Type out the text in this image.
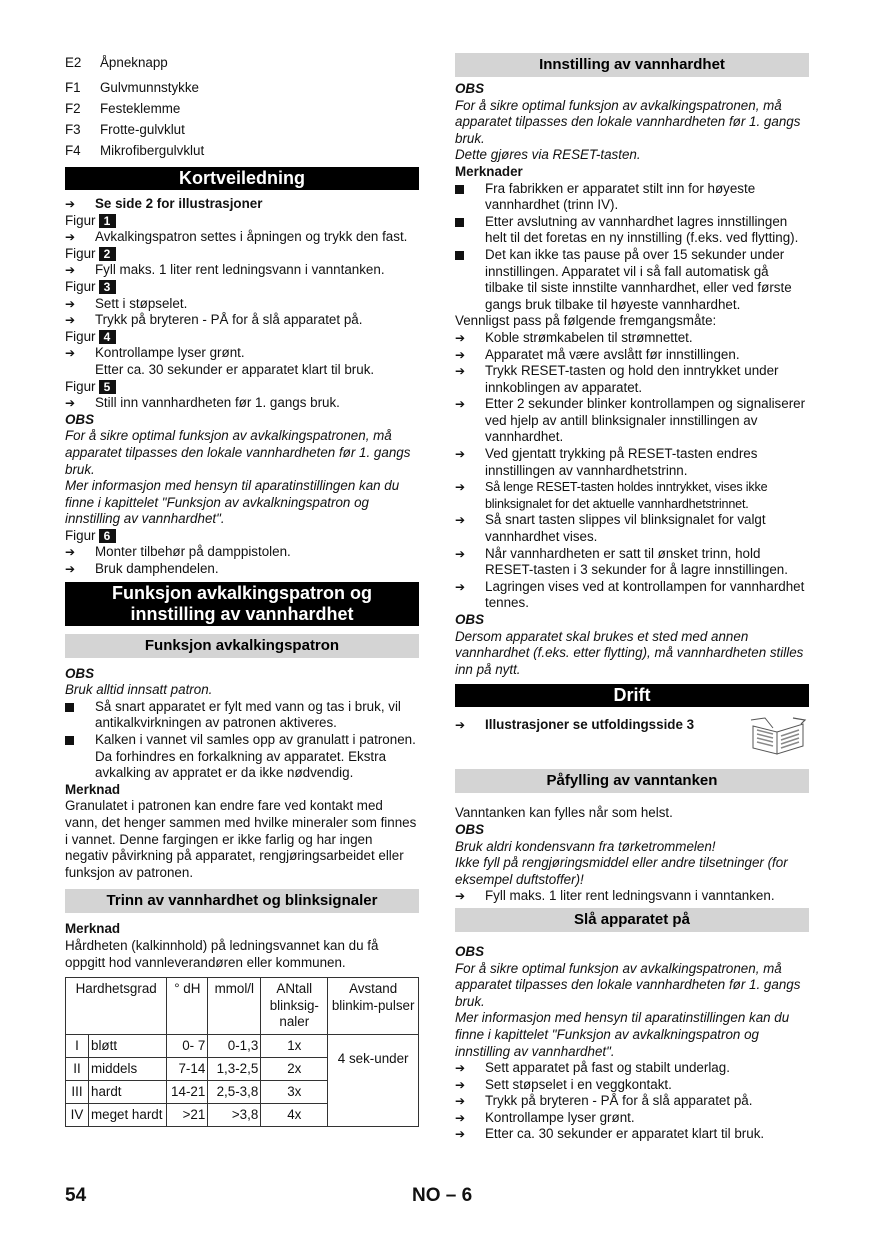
E2	Åpneknapp
F1	Gulvmunnstykke
F2	Festeklemme
F3	Frotte-gulvklut
F4	Mikrofibergulvklut
Kortveiledning
➔	Se side 2 for illustrasjoner
Figur 1
➔	Avkalkingspatron settes i åpningen og trykk den fast.
Figur 2
➔	Fyll maks. 1 liter rent ledningsvann i vanntanken.
Figur 3
➔	Sett i støpselet.
➔	Trykk på bryteren - PÅ for å slå apparatet på.
Figur 4
➔	Kontrollampe lyser grønt.
Etter ca. 30 sekunder er apparatet klart til bruk.
Figur 5
➔	Still inn vannhardheten før 1. gangs bruk.
OBS
For å sikre optimal funksjon av avkalkingspatronen, må apparatet tilpasses den lokale vannhardheten før 1. gangs bruk.
Mer informasjon med hensyn til aparatinstillingen kan du finne i kapittelet "Funksjon av avkalkningspatron og innstilling av vannhardhet".
Figur 6
➔	Monter tilbehør på damppistolen.
➔	Bruk damphendelen.
Funksjon avkalkingspatron og
innstilling av vannhardhet
Funksjon avkalkingspatron
OBS
Bruk alltid innsatt patron.
Så snart apparatet er fylt med vann og tas i bruk, vil antikalkvirkningen av patronen aktiveres.
Kalken i vannet vil samles opp av granulatt i patronen. Da forhindres en forkalkning av apparatet. Ekstra avkalking av appratet er da ikke nødvendig.
Merknad
Granulatet i patronen kan endre fare ved kontakt med vann, det henger sammen med hvilke mineraler som finnes i vannet. Denne fargingen er ikke farlig og har ingen negativ påvirkning på apparatet, rengjøringsarbeidet eller funksjon av patronen.
Trinn av vannhardhet og blinksignaler
Merknad
Hårdheten (kalkinnhold) på ledningsvannet kan du få oppgitt hod vannleverandøren eller kommunen.
Hardhetsgrad		° dH	mmol/l	ANtall blinksig-naler	Avstand blinkim-pulser
I	bløtt	0- 7	0-1,3	1x	4 sek-under
II	middels	7-14	1,3-2,5	2x	
III	hardt	14-21	2,5-3,8	3x	
IV	meget hardt	>21	>3,8	4x	
Innstilling av vannhardhet
OBS
For å sikre optimal funksjon av avkalkingspatronen, må apparatet tilpasses den lokale vannhardheten før 1. gangs bruk.
Dette gjøres via RESET-tasten.
Merknader
Fra fabrikken er apparatet stilt inn for høyeste vannhardhet (trinn IV).
Etter avslutning av vannhardhet lagres innstillingen helt til det foretas en ny innstilling (f.eks. ved flytting).
Det kan ikke tas pause på over 15 sekunder under innstillingen. Apparatet vil i så fall automatisk gå tilbake til siste innstilte vannhardhet, eller ved første gangs bruk tilbake til høyeste vannhardhet.
Vennligst pass på følgende fremgangsmåte:
➔	Koble strømkabelen til strømnettet.
➔	Apparatet må være avslått før innstillingen.
➔	Trykk RESET-tasten og hold den inntrykket under innkoblingen av apparatet.
➔	Etter 2 sekunder blinker kontrollampen og signaliserer ved hjelp av antill blinksignaler innstillingen av vannhardhet.
➔	Ved gjentatt trykking på RESET-tasten endres innstillingen av vannhardhetstrinn.
➔	Så lenge RESET-tasten holdes inntrykket, vises ikke blinksignalet for det aktuelle vannhardhetstrinnet.
➔	Så snart tasten slippes vil blinksignalet for valgt vannhardhet vises.
➔	Når vannhardheten er satt til ønsket trinn, hold RESET-tasten i 3 sekunder for å lagre innstillingen.
➔	Lagringen vises ved at kontrollampen for vannhardhet tennes.
OBS
Dersom apparatet skal brukes et sted med annen vannhardhet (f.eks. etter flytting), må vannhardheten stilles inn på nytt.
Drift
➔	Illustrasjoner se utfoldingsside 3
Påfylling av vanntanken
Vanntanken kan fylles når som helst.
OBS
Bruk aldri kondensvann fra tørketrommelen!
Ikke fyll på rengjøringsmiddel eller andre tilsetninger (for eksempel duftstoffer)!
➔	Fyll maks. 1 liter rent ledningsvann i vanntanken.
Slå apparatet på
OBS
For å sikre optimal funksjon av avkalkingspatronen, må apparatet tilpasses den lokale vannhardheten før 1. gangs bruk.
Mer informasjon med hensyn til aparatinstillingen kan du finne i kapittelet "Funksjon av avkalkningspatron og innstilling av vannhardhet".
➔	Sett apparatet på fast og stabilt underlag.
➔	Sett støpselet i en veggkontakt.
➔	Trykk på bryteren - PÅ for å slå apparatet på.
➔	Kontrollampe lyser grønt.
➔	Etter ca. 30 sekunder er apparatet klart til bruk.
54	NO – 6
